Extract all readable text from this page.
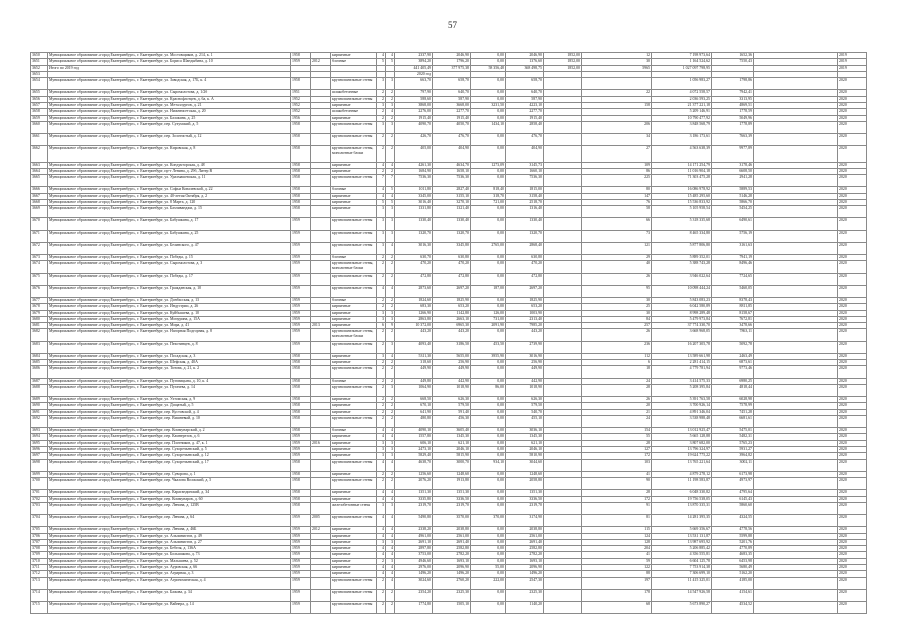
57
3650	Муниципальное образование «город Екатеринбург», г. Екатеринбург, ул. Мостовщиков, д. 214, к. 1	1958		кирпичные	4	4	2337,90	2046,90	0,00	2046,90	1852,00	12	7 198 973,64	1652,36		2019
3651	Муниципальное образование «город Екатеринбург», г. Екатеринбург, ул. Бориса Шандыбина, д. 10	1959	2012	блочные	5	5	3894,20	1796,20	0,00	1376,60	1852,00	30	1 164 524,62	7550,43		2019
3652	Итого по 2019 год						441 405,49	377 975,38	58 356,48	368 498,75	1852,00	5965	1 027 097 798,95			2019
3653							2020 год									
3654	Муниципальное образование «город Екатеринбург», г. Екатеринбург, ул. Заводская, д. 17Б, к. 4	1958		крупнопанельные стены	3	3	663,70	658,70	0,00	658,70			1 056 983,27	1798,86		2020
3655	Муниципальное образование «город Екатеринбург», г. Екатеринбург, ул. Сыромолотова, д. 1/2б	1951		шлакобетонные	2	2	797,90	640,70	0,00	640,70		22	4 072 558,57	7942,41		2020
3656	Муниципальное образование «город Екатеринбург», г. Екатеринбург, ул. Краснофлотцев, д. 6а, к. А	1952		крупнопанельные стены	2	2	588,60	587,90	0,00	587,90			2 036 593,25	3313,95		2020
3657	Муниципальное образование «город Екатеринбург», г. Екатеринбург, ул. Металлургов, д. 21	1952		кирпичные	3	3	3868,00	3668,00	3231,50	4223,10		158	21 377 221,18	4869,51		2020
3658	Муниципальное образование «город Екатеринбург», г. Екатеринбург, ул. Нижнеисетская, д. 20	1952		шлакобетонные	2	4	2276,00	2277,70	0,00	2277,70			5 209 146,91	1778,59		2020
3659	Муниципальное образование «город Екатеринбург», г. Екатеринбург, ул. Балакина, д. 25	1956		кирпичные	2	2	1915,40	1915,40	0,00	1915,40			10 790 477,92	5049,96		2020
3660	Муниципальное образование «город Екатеринбург», г. Екатеринбург, пер. Сухумский, д. 5	1958		крупнопанельные стены	3	3	4090,70	4050,70	1434,10	2858,40		206	3 848 568,79	1778,89		2020
3661	Муниципальное образование «город Екатеринбург», г. Екатеринбург, пер. Золотистый, д. 12	1958		крупнопанельные стены	2	2	426,70	476,70	0,00	476,70		34	3 186 173,61	7663,39		2020
3662	Муниципальное образование «город Екатеринбург», г. Екатеринбург, ул. Кировская, д. 8	1958		крупнопанельные стены, монолитные блоки	2	2	405,00	404,90	0,00	404,90		27	4 563 638,39	9977,89		2020
3663	Муниципальное образование «город Екатеринбург», г. Екатеринбург, ул. Кондукторская, д. 48	1958		кирпичные	4	4	4261,30	4634,70	1273,09	3145,73		109	14 171 254,79	3178,46		2020
3664	Муниципальное образование «город Екатеринбург», г. Екатеринбург, пр-т Ленина, д. 29б, Литер В	1958		кирпичные	2	2	1684,90	1658,10	0,00	1660,10		86	11 016 904,18	6608,50		2020
3665	Муниципальное образование «город Екатеринбург», г. Екатеринбург, ул. Уралмашевская, д. 11	1958		крупнопанельные стены	7	7	7536,30	7536,30	0,00	7536,30		225	71 303 475,28	2941,28		2020
3666	Муниципальное образование «город Екатеринбург», г. Екатеринбург, ул. Софьи Ковалевской, д. 22	1958		блочные	4	5	1011,80	2827,40	818,40	1815,00		80	16 086 978,92	5889,53		2020
3667	Муниципальное образование «город Екатеринбург», г. Екатеринбург, ул. 40-летия Октября, д. 2	1958		кирпичные	4	4	3345,00	3155,10	318,70	3158,40		147	15 485 295,60	5146,28		2020
3668	Муниципальное образование «город Екатеринбург», г. Екатеринбург, ул. 8 Марта, д. 120	1958		кирпичные	5	5	3016,40	3270,10	721,00	2518,70		76	15 536 833,92	5866,70		2020
3669	Муниципальное образование «город Екатеринбург», г. Екатеринбург, ул. Бахчиванджи, д. 15	1958		кирпичные	3	3	1331,80	1321,40	0,00	1316,40		58	5 105 958,54	5454,25		2020
3670	Муниципальное образование «город Екатеринбург», г. Екатеринбург, ул. Бабушкина, д. 17	1959		крупнопанельные стены	3	3	1330,40	1330,40	0,00	1330,40		66	5 318 335,68	6490,61		2020
3671	Муниципальное образование «город Екатеринбург», г. Екатеринбург, ул. Бабушкина, д. 25	1959		крупнопанельные стены	3	3	1320,70	1320,70	0,00	1320,70		73	8 465 334,80	5756,19		2020
3672	Муниципальное образование «город Екатеринбург», г. Екатеринбург, ул. Белинского, д. 47	1959		крупнопанельные стены	3	4	3016,30	3345,80	2765,00	2868,40		121	5 877 806,80	3161,63		2020
3673	Муниципальное образование «город Екатеринбург», г. Екатеринбург, ул. Победы, д. 15	1959		блочные	2	2	630,70	630,80	0,00	630,80		29	5 889 352,01	7941,19		2020
3674	Муниципальное образование «город Екатеринбург», г. Екатеринбург, ул. Сыромолотова, д. 3	1959		крупнопанельные стены, монолитные блоки	2	2	470,20	470,20	0,00	470,20		40	5 388 743,28	8496,46		2020
3675	Муниципальное образование «город Екатеринбург», г. Екатеринбург, ул. Победы, д. 17	1959		крупнопанельные стены	2	2	472,80	472,80	0,00	472,80		26	3 946 022,64	7724,65		2020
3676	Муниципальное образование «город Екатеринбург», г. Екатеринбург, ул. Гражданская, д. 10	1959		крупнопанельные стены	4	4	2873,60	2697,20	187,00	2697,20		95	10 098 444,24	5460,05		2020
3677	Муниципальное образование «город Екатеринбург», г. Екатеринбург, ул. Донбасская, д. 13	1959		блочные	2	2	1824,60	1825,90	0,00	1825,90		30	5 843 083,23	8378,43		2020
3678	Муниципальное образование «город Екатеринбург», г. Екатеринбург, ул. Индустрии, д. 26	1959		кирпичные	2	2	683,30	653,20	0,00	653,20		25	6 042 580,89	8811,85		2020
3679	Муниципальное образование «город Екатеринбург», г. Екатеринбург, ул. Куйбышева, д. 10	1959		кирпичные	3	3	1266,90	1142,80	126,00	1003,90		30	8 998 289,48	8158,67		2020
3680	Муниципальное образование «город Екатеринбург», г. Екатеринбург, ул. Мичурина, д. 15А	1959		кирпичные	3	3	2863,80	2663,10	731,00	2313,40		84	5 479 973,84	7672,81		2020
3681	Муниципальное образование «город Екатеринбург», г. Екатеринбург, ул. Мира, д. 41	1959	2013	кирпичные	6	9	10 372,00	6965,30	2091,90	7985,20		257	37 774 330,70	3478,66		2020
3682	Муниципальное образование «город Екатеринбург», г. Екатеринбург, ул. Нагорная Подгорная, д. 8	1959		крупнопанельные стены, монолитные блоки	2	2	443,20	443,20	0,00	443,20		26	3 668 968,05	7863,11		2020
3683	Муниципальное образование «город Екатеринбург», г. Екатеринбург, ул. Пехотинцев, д. 8	1959		крупнопанельные стены	2	3	4093,40	3186,50	453,50	2739,90		236	16 207 305,78	5092,78		2020
3684	Муниципальное образование «город Екатеринбург», г. Екатеринбург, ул. Посадская, д. 3	1958		кирпичные	3	4	5311,30	5655,00	3955,90	3016,90		112	13 589 661,98	2463,49		2020
3685	Муниципальное образование «город Екатеринбург», г. Екатеринбург, ул. Шефская, д. 40А	1958		кирпичные	2	2	318,60	256,90	0,00	256,90		6	2 281 414,15	6873,61		2020
3686	Муниципальное образование «город Екатеринбург», г. Екатеринбург, ул. Титова, д. 21, к. 2	1958		крупнопанельные стены	2	2	449,90	449,90	0,00	449,90		18	4 779 781,94	9773,46		2020
3687	Муниципальное образование «город Екатеринбург», г. Екатеринбург, ул. Пуговицына, д. 10, к. 4	1958		блочные	2	2	449,80	442,90	0,00	442,90		24	3 414 575,33	6980,25		2020
3688	Муниципальное образование «город Екатеринбург», г. Екатеринбург, ул. Пугачева, д. 14	1958		крупнопанельные стены	2	3	1064,90	1018,90	86,00	1018,90		28	5 208 395,84	4818,44		2020
3689	Муниципальное образование «город Екатеринбург», г. Екатеринбург, ул. Ухтомская, д. 9	1958		кирпичные	2	2	668,50	626,30	0,00	626,30		26	5 391 763,58	6028,98		2020
3690	Муниципальное образование «город Екатеринбург», г. Екатеринбург, ул. Дощатый, д. 5	1958		кирпичные	2	2	670,10	579,50	0,00	579,50		20	3 700 926,14	7578,99		2020
3691	Муниципальное образование «город Екатеринбург», г. Екатеринбург, пер. Кустовской, д. 4	1958		кирпичные	2	2	641,90	591,40	0,00	540,70		21	4 891 346,04	7451,28		2020
3692	Муниципальное образование «город Екатеринбург», г. Екатеринбург, пер. Вишневый, д. 10	1958		крупнопанельные стены	2	2	480,80	456,30	0,00	455,10		24	3 538 988,48	6681,61		2020
3693	Муниципальное образование «город Екатеринбург», г. Екатеринбург, пер. Коммунарский, д. 2	1958		блочные	4	4	4090,10	3605,40	0,00	3036,10		154	13 012 925,47	5475,01		2020
3694	Муниципальное образование «город Екатеринбург», г. Екатеринбург, пер. Камнерезов, д. 6	1959		кирпичные	4	4	1557,80	1345,30	0,00	1345,30		55	5 665 128,88	5482,31		2020
3695	Муниципальное образование «город Екатеринбург», г. Екатеринбург, пер. Плотников, д. 47, к. 1	1959	2016	кирпичные	3	3	606,10	621,10	0,00	621,10		28	3 807 682,00	5765,23		2020
3696	Муниципальное образование «город Екатеринбург», г. Екатеринбург, пер. Сухоречьевский, д. 5	1959		кирпичные	3	3	2473,10	2046,10	0,00	2046,10		127	13 796 324,97	5931,27		2020
3697	Муниципальное образование «город Екатеринбург», г. Екатеринбург, пер. Сухоречьевский, д. 12	1959		кирпичные	3	3	5829,40	5815,90	0,00	5810,90		172	19 624 775,22	3964,82		2020
3698	Муниципальное образование «город Екатеринбург», г. Екатеринбург, пер. Сухоречьевский, д. 17	1958		крупнопанельные стены	4	4	4638,70	3000,70	934,10	3044,60		103	13 765 221,64	3002,11		2020
3699	Муниципальное образование «город Екатеринбург», г. Екатеринбург, пер. Суворова, д. 1	1958		кирпичные	2	2	1256,60	1248,60	0,00	1248,60		41	4 879 278,12	6173,98		2020
3700	Муниципальное образование «город Екатеринбург», г. Екатеринбург, пер. Чкалова Волжский, д. 5	1958		крупнопанельные стены	2	2	2076,20	1913,80	0,00	2058,80		90	11 198 583,87	4973,97		2020
3701	Муниципальное образование «город Екатеринбург», г. Екатеринбург, пер. Карагандинский, д. 34	1958		кирпичные	4	4	1351,30	1351,30	0,00	1351,30		28	6 048 330,82	4795,64		2020
3702	Муниципальное образование «город Екатеринбург», г. Екатеринбург, пер. Коммунаров, д. 60	1958		кирпичные	4	4	3335,80	3336,50	0,00	3336,50		172	19 756 538,05	6145,43		2020
3703	Муниципальное образование «город Екатеринбург», г. Екатеринбург, пер. Ленина, д. 125В	1958		железобетонные стены	3	3	2319,70	2319,70	0,00	2319,70		91	13 870 335,31	5860,60		2020
3704	Муниципальное образование «город Екатеринбург», г. Екатеринбург, пер. Ленина, д. 64	1959	2005	крупнопанельные стены	4	4	5490,80	3570,00	370,00	3174,90		81	14 281 395,35	4324,55		2020
3705	Муниципальное образование «город Екатеринбург», г. Екатеринбург, пер. Ленина, д. 46Б	1959	2012	кирпичные	4	4	2338,20	2038,80	0,00	2038,80		115	5 669 356,67	4778,56		2020
3706	Муниципальное образование «город Екатеринбург», г. Екатеринбург, ул. Альпинистов, д. 49	1959		кирпичные	4	4	4961,00	2561,00	0,00	2561,00		124	13 531 131,87	5599,88		2020
3707	Муниципальное образование «город Екатеринбург», г. Екатеринбург, ул. Альпинистов, д. 27	1959		кирпичные	3	3	2691,10	2691,40	0,00	2691,40		128	13 987 695,92	5201,76		2020
3708	Муниципальное образование «город Екатеринбург», г. Екатеринбург, ул. Бебеля, д. 136А	1959		кирпичные	4	4	2897,80	2582,80	0,00	2582,80		204	5 206 885,42	4770,89		2020
3709	Муниципальное образование «город Екатеринбург», г. Екатеринбург, ул. Большакова, д. 73	1959		кирпичные	4	4	3753,00	2782,20	0,00	2782,20		41	4 356 555,81	4683,35		2020
3710	Муниципальное образование «город Екатеринбург», г. Екатеринбург, ул. Малышева, д. 52	1959		кирпичные	2	3	4946,60	1693,10	0,00	1693,10		59	6 604 125,78	6453,98		2020
3711	Муниципальное образование «город Екатеринбург», г. Екатеринбург, ул. Ауровская, д. 66	1959		кирпичные	4	4	2976,00	2096,90	55,00	2096,90		122	7 753 914,38	5680,49		2020
3712	Муниципальное образование «город Екатеринбург», г. Екатеринбург, ул. Аграрная, д. 3	1959		кирпичные	4	4	1496,20	1496,20	0,00	1496,20		88	7 306 699,10	5162,20		2020
3713	Муниципальное образование «город Екатеринбург», г. Екатеринбург, ул. Агрономическая, д. 4	1959		крупнопанельные стены	2	4	3024,60	2760,20	222,00	2547,30		197	11 415 325,01	4185,00		2020
3714	Муниципальное образование «город Екатеринбург», г. Екатеринбург, ул. Бажова, д. 34	1959		крупнопанельные стены	2	2	2354,20	2325,30	0,00	2325,30		178	14 547 926,58	4154,61		2020
3715	Муниципальное образование «город Екатеринбург», г. Екатеринбург, ул. Вайнера, д. 14	1959		крупнопанельные стены	2	2	1774,80	1505,10	0,00	1140,20		68	5 673 890,27	4534,52		2020
